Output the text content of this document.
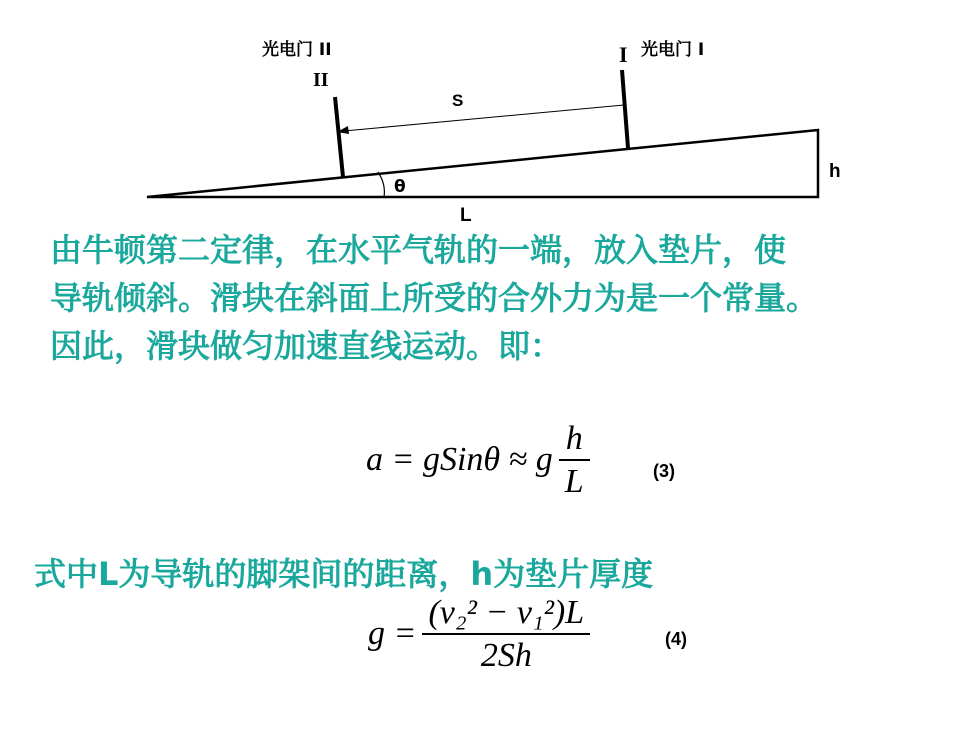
光电门 II
II
I 光电门 I
S
θ
h
L
由牛顿第二定律，在水平气轨的一端，放入垫片，使
导轨倾斜。滑块在斜面上所受的合外力为是一个常量。
因此，滑块做匀加速直线运动。即：
a = gSinθ ≈ g $\frac{h}{L}$	(3)
式中L为导轨的脚架间的距离，h为垫片厚度
$g = \frac{\text{(v₂² − v₁²)L}}{2Sh}$	(4)
